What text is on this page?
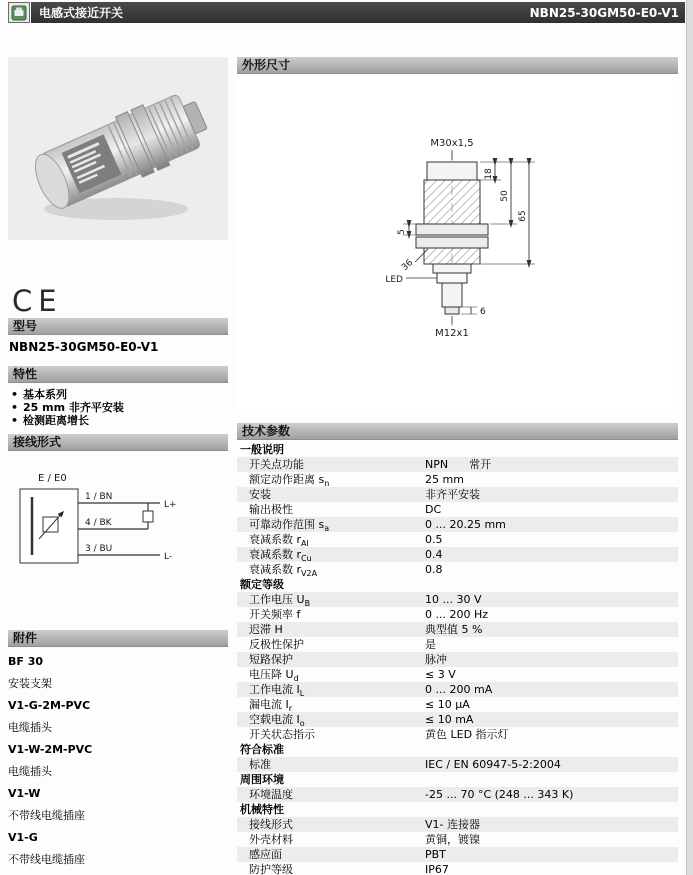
电感式接近开关	NBN25-30GM50-E0-V1
CE
型号
NBN25-30GM50-E0-V1
特性
• 基本系列
• 25 mm 非齐平安装
• 检测距离增长
接线形式
E / E0
1 / BN
4 / BK
3 / BU
L+
L-
附件
BF 30
安装支架
V1-G-2M-PVC
电缆插头
V1-W-2M-PVC
电缆插头
V1-W
不带线电缆插座
V1-G
不带线电缆插座
外形尺寸
M30x1,5
LED
M12x1
18
50
65
5
36
6
技术参数
一般说明
开关点功能	NPN      常开
额定动作距离 $s_n$	25 mm
安装	非齐平安装
输出极性	DC
可靠动作范围 $s_a$	0 ... 20.25 mm
衰减系数 $r_{Al}$	0.5
衰减系数 $r_{Cu}$	0.4
衰减系数 $r_{V2A}$	0.8
额定等级
工作电压 $U_B$	10 ... 30 V
开关频率 f	0 ... 200 Hz
迟滞 H	典型值 5 %
反极性保护	是
短路保护	脉冲
电压降 $U_d$	≤ 3 V
工作电流 $I_L$	0 ... 200 mA
漏电流 $I_r$	≤ 10 μA
空载电流 $I_o$	≤ 10 mA
开关状态指示	黄色 LED 指示灯
符合标准
标准	IEC / EN 60947-5-2:2004
周围环境
环境温度	-25 ... 70 °C (248 ... 343 K)
机械特性
接线形式	V1- 连接器
外壳材料	黄铜，镀镍
感应面	PBT
防护等级	IP67
